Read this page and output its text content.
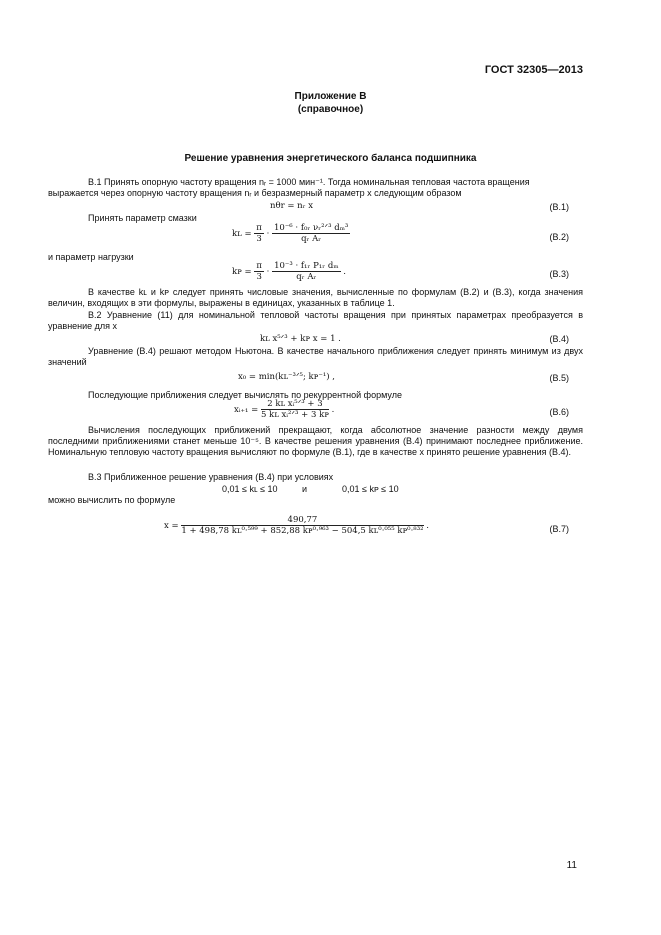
ГОСТ 32305—2013
Приложение В
(справочное)
Решение уравнения энергетического баланса подшипника
В.1 Принять опорную частоту вращения nᵣ = 1000 мин⁻¹. Тогда номинальная тепловая частота вращения
выражается через опорную частоту вращения nᵣ и безразмерный параметр x следующим образом
nθr = nᵣ x	(В.1)
Принять параметр смазки
kʟ = $\frac{\pi}{3} \cdot \frac{\text{10⁻⁶ · f₀ᵣ νᵣ²ᐟ³ dₘ³}}{\text{qᵣ Aᵣ}}$	(В.2)
и параметр нагрузки
kᴘ = $\frac{\pi}{3} \cdot \frac{\text{10⁻³ · f₁ᵣ P₁ᵣ dₘ}}{\text{qᵣ Aᵣ}}$ .	(В.3)
В качестве kʟ и kᴘ следует принять числовые значения, вычисленные по формулам (В.2) и (В.3), когда значения величин, входящих в эти формулы, выражены в единицах, указанных в таблице 1.
В.2 Уравнение (11) для номинальной тепловой частоты вращения при принятых параметрах преобразуется в уравнение для x
kʟ x⁵ᐟ³ + kᴘ x = 1 .	(В.4)
Уравнение (В.4) решают методом Ньютона. В качестве начального приближения следует принять минимум из двух значений
x₀ = min(kʟ⁻³ᐟ⁵; kᴘ⁻¹) ,	(В.5)
Последующие приближения следует вычислять по рекуррентной формуле
xᵢ₊₁ = $\frac{\text{2 kʟ xᵢ⁵ᐟ³ + 3}}{\text{5 kʟ xᵢ²ᐟ³ + 3 kᴘ}}$ .	(В.6)
Вычисления последующих приближений прекращают, когда абсолютное значение разности между двумя последними приближениями станет меньше 10⁻⁵. В качестве решения уравнения (В.4) принимают последнее приближение. Номинальную тепловую частоту вращения вычисляют по формуле (В.1), где в качестве x принято решение уравнения (В.4).
В.3 Приближенное решение уравнения (В.4) при условиях
0,01 ≤ kʟ ≤ 10	и	0,01 ≤ kᴘ ≤ 10
можно вычислить по формуле
$x = \frac{490,77}{\text{1 + 498,78 kʟ⁰·⁵⁹⁹ + 852,88 kᴘ⁰·⁹⁶³ − 504,5 kʟ⁰·⁰⁵⁵ kᴘ⁰·⁸³²}}$ .	(В.7)
11
